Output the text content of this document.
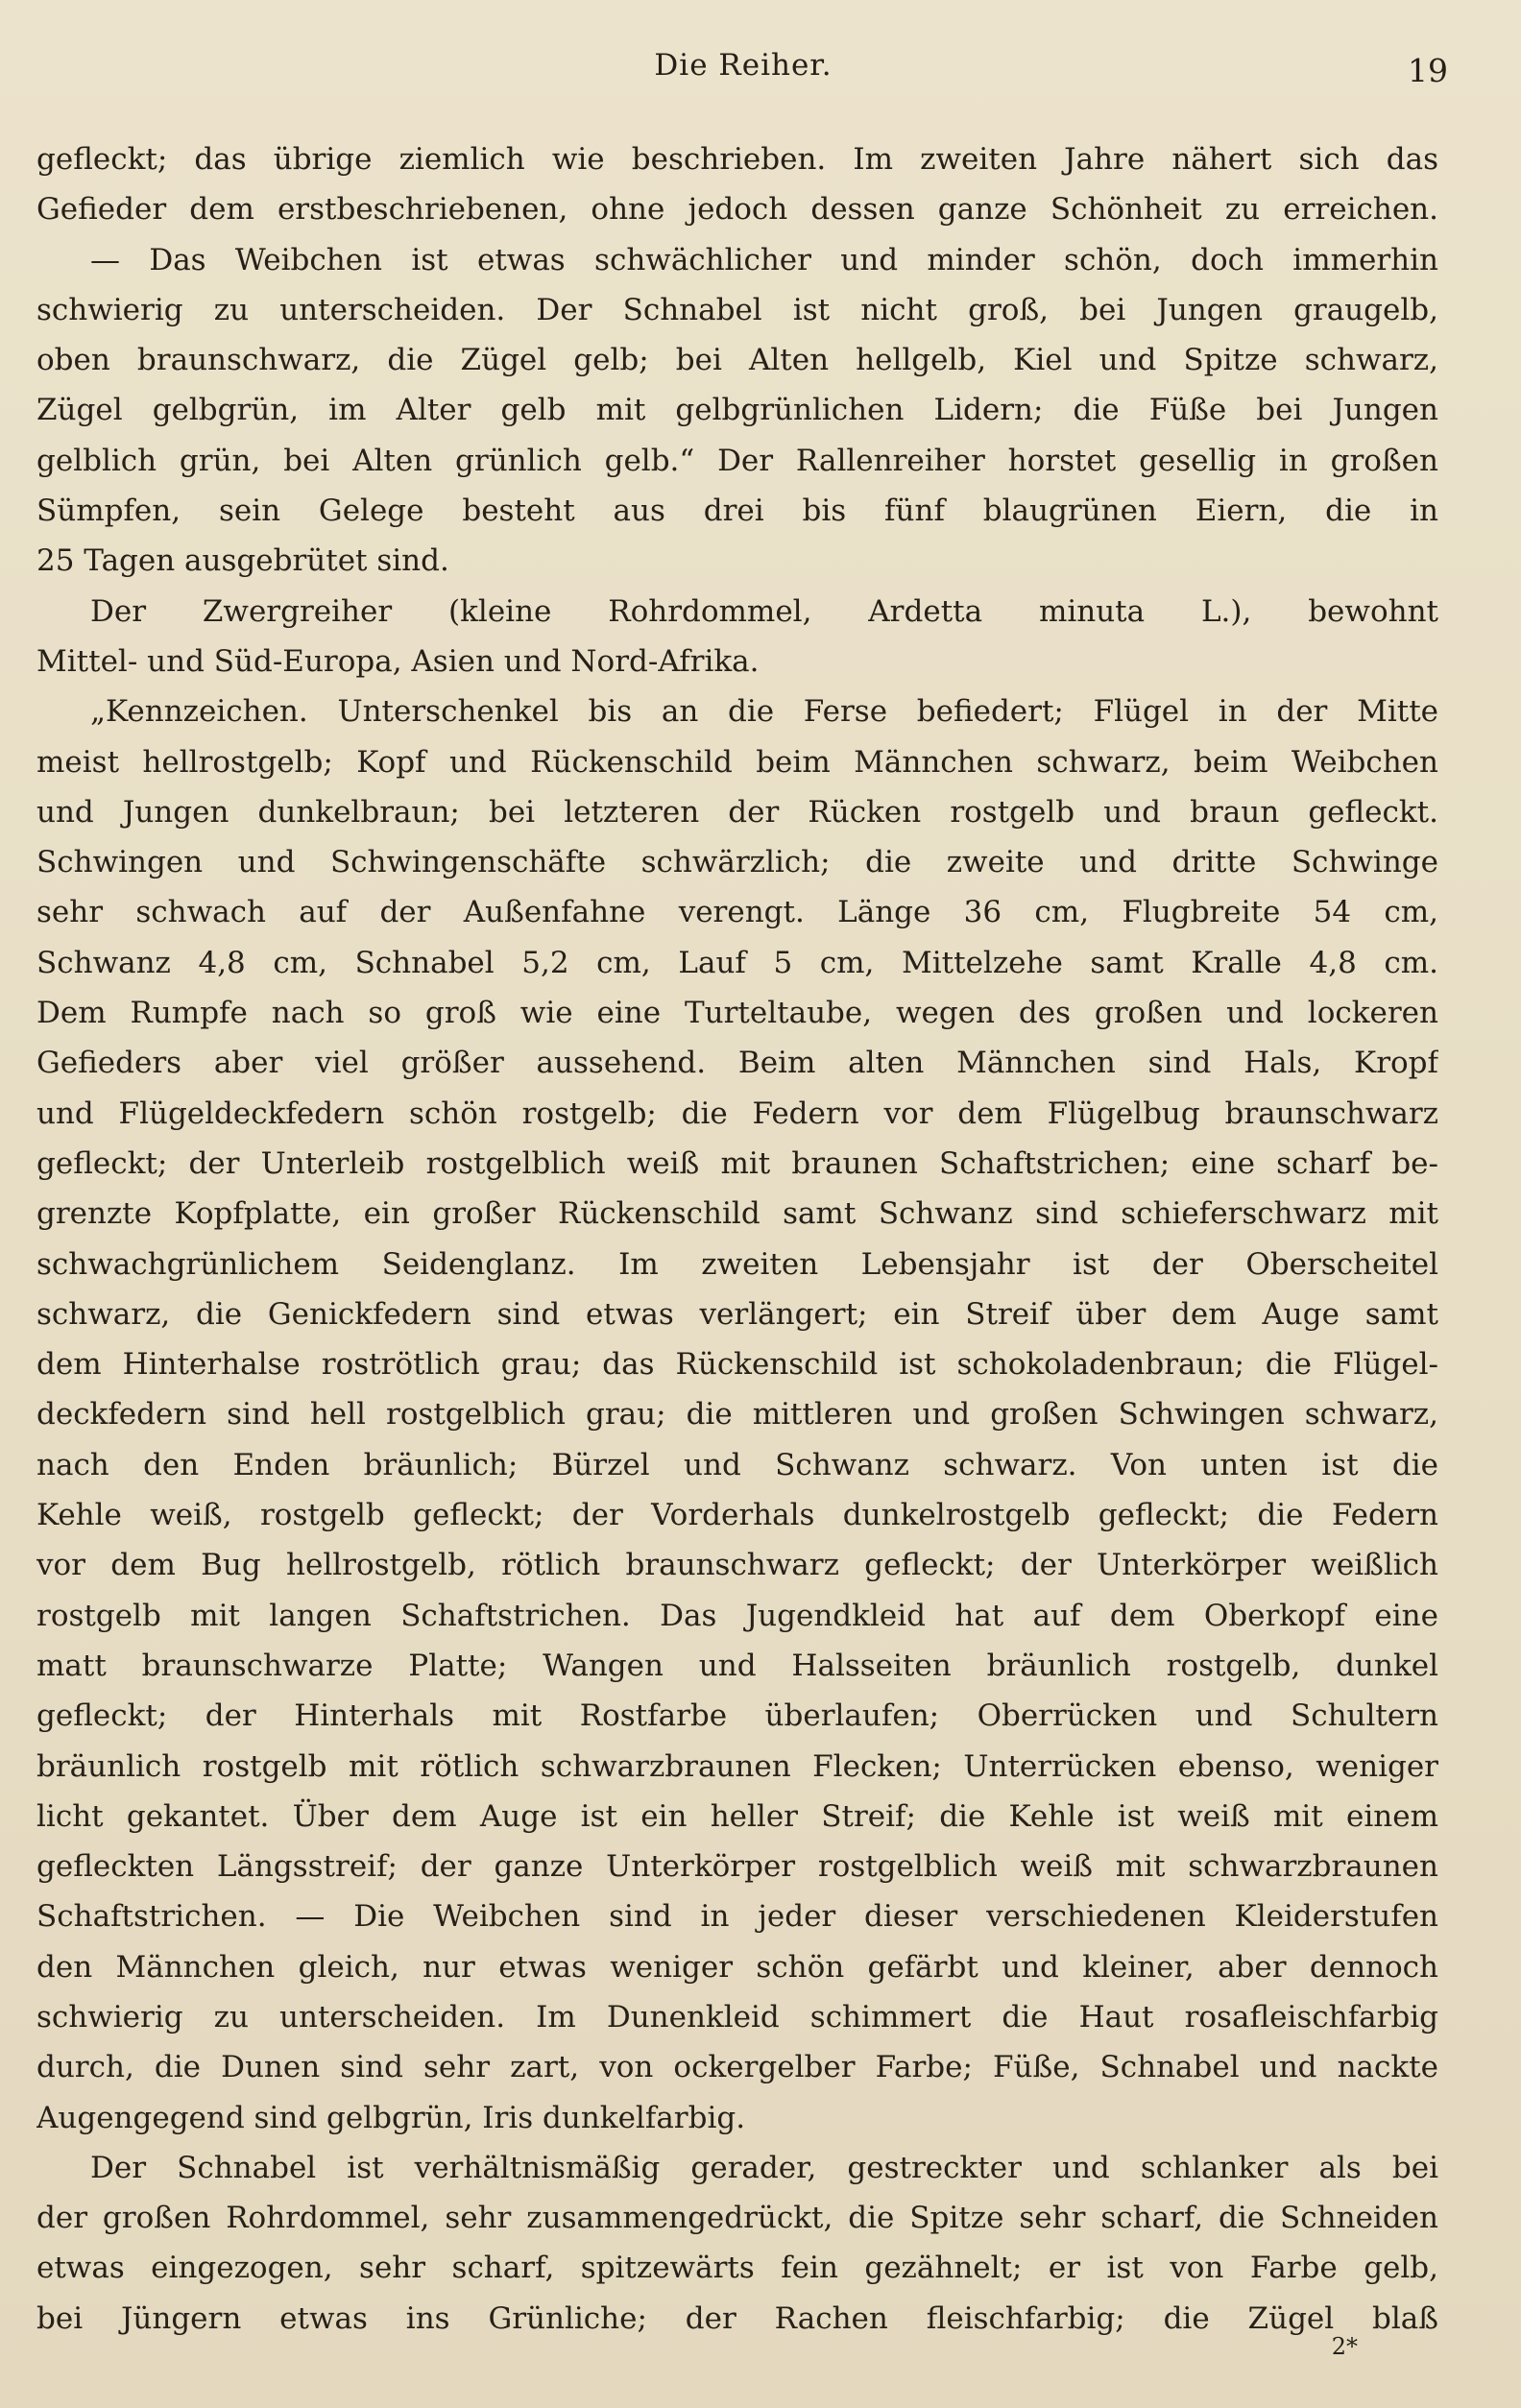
Die Reiher.	19
gefleckt; das übrige ziemlich wie beschrieben. Im zweiten Jahre nähert sich das
Gefieder dem erstbeschriebenen, ohne jedoch dessen ganze Schönheit zu erreichen.
— Das Weibchen ist etwas schwächlicher und minder schön, doch immerhin
schwierig zu unterscheiden. Der Schnabel ist nicht groß, bei Jungen graugelb,
oben braunschwarz, die Zügel gelb; bei Alten hellgelb, Kiel und Spitze schwarz,
Zügel gelbgrün, im Alter gelb mit gelbgrünlichen Lidern; die Füße bei Jungen
gelblich grün, bei Alten grünlich gelb.“ Der Rallenreiher horstet gesellig in großen
Sümpfen, sein Gelege besteht aus drei bis fünf blaugrünen Eiern, die in
25 Tagen ausgebrütet sind.
Der Zwergreiher (kleine Rohrdommel, Ardetta minuta L.), bewohnt
Mittel- und Süd-Europa, Asien und Nord-Afrika.
„Kennzeichen. Unterschenkel bis an die Ferse befiedert; Flügel in der Mitte
meist hellrostgelb; Kopf und Rückenschild beim Männchen schwarz, beim Weibchen
und Jungen dunkelbraun; bei letzteren der Rücken rostgelb und braun gefleckt.
Schwingen und Schwingenschäfte schwärzlich; die zweite und dritte Schwinge
sehr schwach auf der Außenfahne verengt. Länge 36 cm, Flugbreite 54 cm,
Schwanz 4,8 cm, Schnabel 5,2 cm, Lauf 5 cm, Mittelzehe samt Kralle 4,8 cm.
Dem Rumpfe nach so groß wie eine Turteltaube, wegen des großen und lockeren
Gefieders aber viel größer aussehend. Beim alten Männchen sind Hals, Kropf
und Flügeldeckfedern schön rostgelb; die Federn vor dem Flügelbug braunschwarz
gefleckt; der Unterleib rostgelblich weiß mit braunen Schaftstrichen; eine scharf be-
grenzte Kopfplatte, ein großer Rückenschild samt Schwanz sind schieferschwarz mit
schwachgrünlichem Seidenglanz. Im zweiten Lebensjahr ist der Oberscheitel
schwarz, die Genickfedern sind etwas verlängert; ein Streif über dem Auge samt
dem Hinterhalse roströtlich grau; das Rückenschild ist schokoladenbraun; die Flügel-
deckfedern sind hell rostgelblich grau; die mittleren und großen Schwingen schwarz,
nach den Enden bräunlich; Bürzel und Schwanz schwarz. Von unten ist die
Kehle weiß, rostgelb gefleckt; der Vorderhals dunkelrostgelb gefleckt; die Federn
vor dem Bug hellrostgelb, rötlich braunschwarz gefleckt; der Unterkörper weißlich
rostgelb mit langen Schaftstrichen. Das Jugendkleid hat auf dem Oberkopf eine
matt braunschwarze Platte; Wangen und Halsseiten bräunlich rostgelb, dunkel
gefleckt; der Hinterhals mit Rostfarbe überlaufen; Oberrücken und Schultern
bräunlich rostgelb mit rötlich schwarzbraunen Flecken; Unterrücken ebenso, weniger
licht gekantet. Über dem Auge ist ein heller Streif; die Kehle ist weiß mit einem
gefleckten Längsstreif; der ganze Unterkörper rostgelblich weiß mit schwarzbraunen
Schaftstrichen. — Die Weibchen sind in jeder dieser verschiedenen Kleiderstufen
den Männchen gleich, nur etwas weniger schön gefärbt und kleiner, aber dennoch
schwierig zu unterscheiden. Im Dunenkleid schimmert die Haut rosafleischfarbig
durch, die Dunen sind sehr zart, von ockergelber Farbe; Füße, Schnabel und nackte
Augengegend sind gelbgrün, Iris dunkelfarbig.
Der Schnabel ist verhältnismäßig gerader, gestreckter und schlanker als bei
der großen Rohrdommel, sehr zusammengedrückt, die Spitze sehr scharf, die Schneiden
etwas eingezogen, sehr scharf, spitzewärts fein gezähnelt; er ist von Farbe gelb,
bei Jüngern etwas ins Grünliche; der Rachen fleischfarbig; die Zügel blaß
2*
